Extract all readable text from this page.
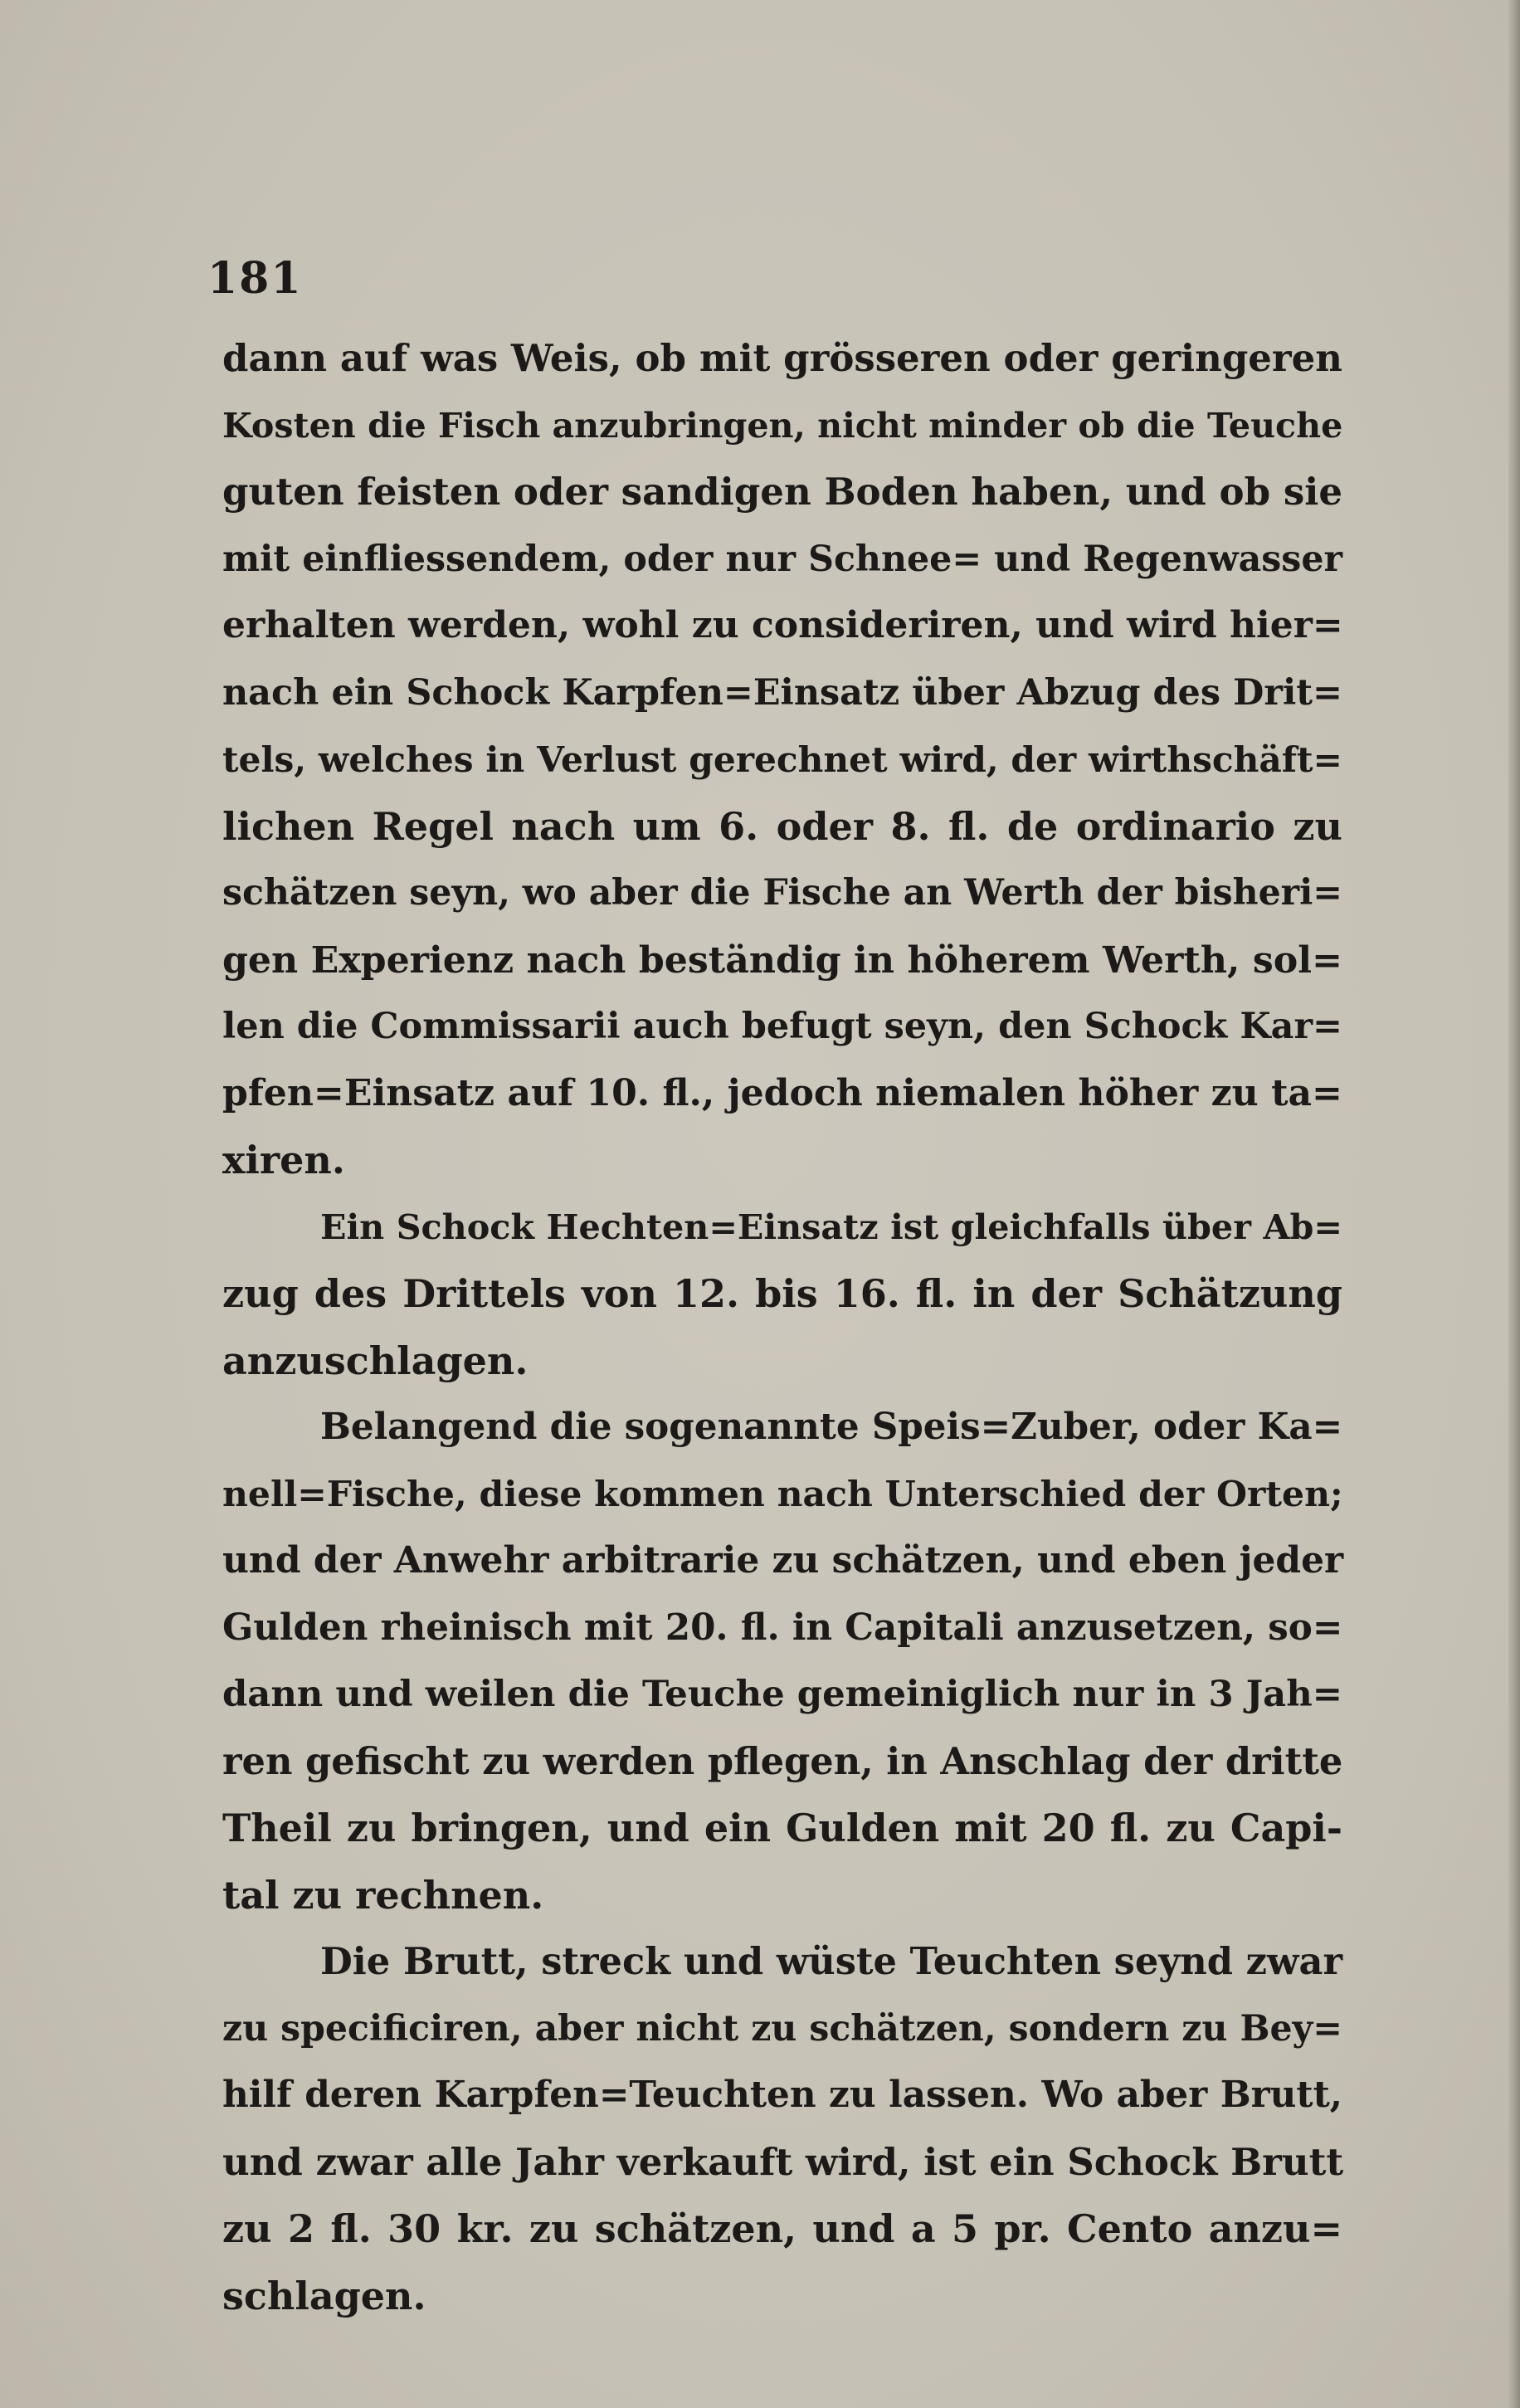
181
dann auf was Weis, ob mit grösseren oder geringeren
Kosten die Fisch anzubringen, nicht minder ob die Teuche
guten feisten oder sandigen Boden haben, und ob sie
mit einfliessendem, oder nur Schnee= und Regenwasser
erhalten werden, wohl zu consideriren, und wird hier=
nach ein Schock Karpfen=Einsatz über Abzug des Drit=
tels, welches in Verlust gerechnet wird, der wirthschäft=
lichen Regel nach um 6. oder 8. fl. de ordinario zu
schätzen seyn, wo aber die Fische an Werth der bisheri=
gen Experienz nach beständig in höherem Werth, sol=
len die Commissarii auch befugt seyn, den Schock Kar=
pfen=Einsatz auf 10. fl., jedoch niemalen höher zu ta=
xiren.
Ein Schock Hechten=Einsatz ist gleichfalls über Ab=
zug des Drittels von 12. bis 16. fl. in der Schätzung
anzuschlagen.
Belangend die sogenannte Speis=Zuber, oder Ka=
nell=Fische, diese kommen nach Unterschied der Orten;
und der Anwehr arbitrarie zu schätzen, und eben jeder
Gulden rheinisch mit 20. fl. in Capitali anzusetzen, so=
dann und weilen die Teuche gemeiniglich nur in 3 Jah=
ren gefischt zu werden pflegen, in Anschlag der dritte
Theil zu bringen, und ein Gulden mit 20 fl. zu Capi-
tal zu rechnen.
Die Brutt, streck und wüste Teuchten seynd zwar
zu specificiren, aber nicht zu schätzen, sondern zu Bey=
hilf deren Karpfen=Teuchten zu lassen. Wo aber Brutt,
und zwar alle Jahr verkauft wird, ist ein Schock Brutt
zu 2 fl. 30 kr. zu schätzen, und a 5 pr. Cento anzu=
schlagen.
